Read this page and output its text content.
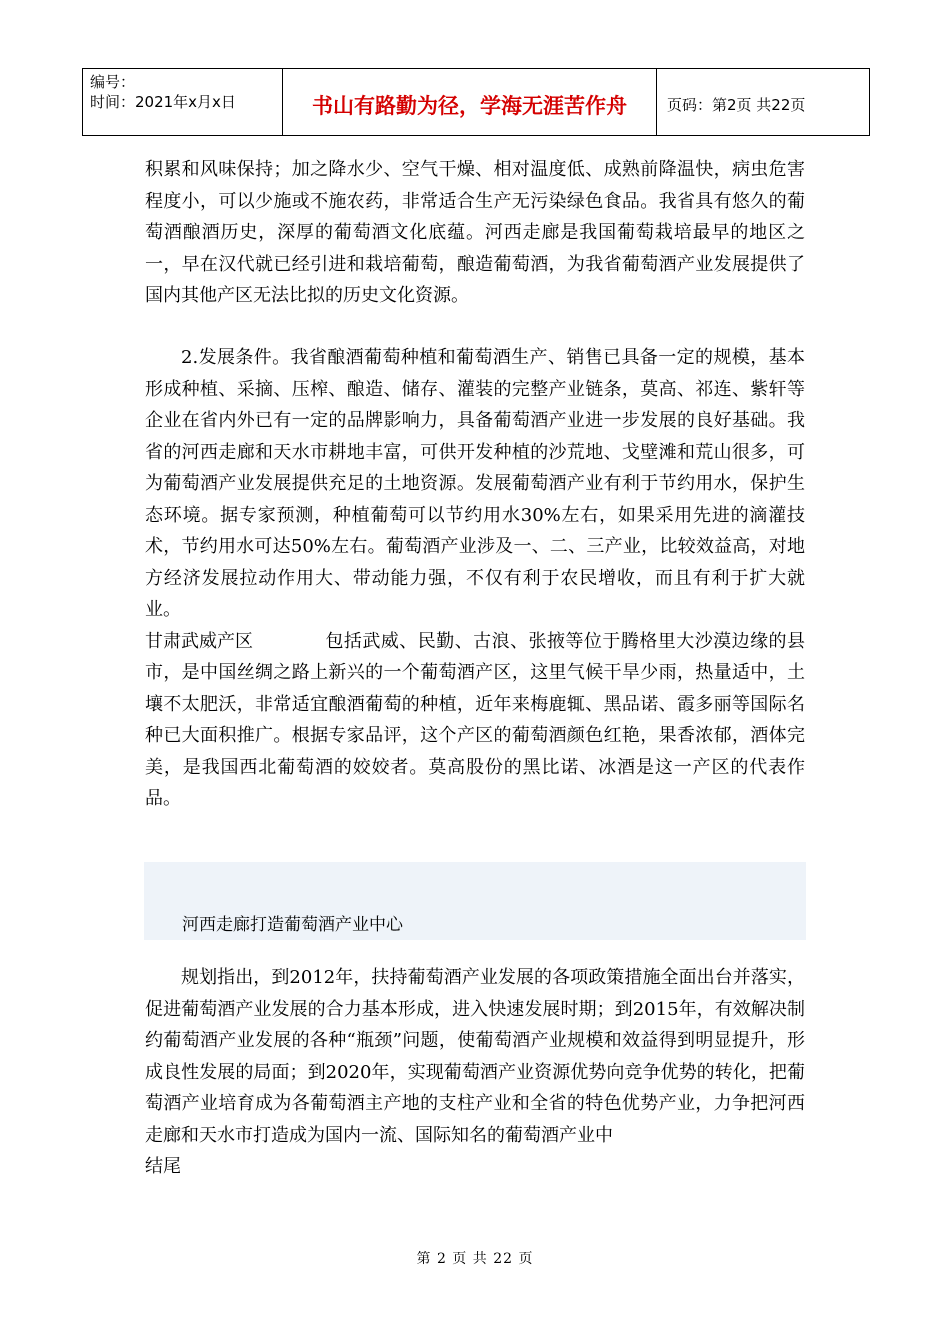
编号：
时间：2021年x月x日	书山有路勤为径，学海无涯苦作舟	页码：第2页 共22页

积累和风味保持；加之降水少、空气干燥、相对温度低、成熟前降温快，病虫危害程度小，可以少施或不施农药，非常适合生产无污染绿色食品。我省具有悠久的葡萄酒酿酒历史，深厚的葡萄酒文化底蕴。河西走廊是我国葡萄栽培最早的地区之一，早在汉代就已经引进和栽培葡萄，酿造葡萄酒，为我省葡萄酒产业发展提供了国内其他产区无法比拟的历史文化资源。

2.发展条件。我省酿酒葡萄种植和葡萄酒生产、销售已具备一定的规模，基本形成种植、采摘、压榨、酿造、储存、灌装的完整产业链条，莫高、祁连、紫轩等企业在省内外已有一定的品牌影响力，具备葡萄酒产业进一步发展的良好基础。我省的河西走廊和天水市耕地丰富，可供开发种植的沙荒地、戈壁滩和荒山很多，可为葡萄酒产业发展提供充足的土地资源。发展葡萄酒产业有利于节约用水，保护生态环境。据专家预测，种植葡萄可以节约用水30%左右，如果采用先进的滴灌技术，节约用水可达50%左右。葡萄酒产业涉及一、二、三产业，比较效益高，对地方经济发展拉动作用大、带动能力强，不仅有利于农民增收，而且有利于扩大就业。

甘肃武威产区	包括武威、民勤、古浪、张掖等位于腾格里大沙漠边缘的县市，是中国丝绸之路上新兴的一个葡萄酒产区，这里气候干旱少雨，热量适中，土壤不太肥沃，非常适宜酿酒葡萄的种植，近年来梅鹿辄、黑品诺、霞多丽等国际名种已大面积推广。根据专家品评，这个产区的葡萄酒颜色红艳，果香浓郁，酒体完美，是我国西北葡萄酒的姣姣者。莫高股份的黑比诺、冰酒是这一产区的代表作品。

河西走廊打造葡萄酒产业中心

规划指出，到2012年，扶持葡萄酒产业发展的各项政策措施全面出台并落实，促进葡萄酒产业发展的合力基本形成，进入快速发展时期；到2015年，有效解决制约葡萄酒产业发展的各种“瓶颈”问题，使葡萄酒产业规模和效益得到明显提升，形成良性发展的局面；到2020年，实现葡萄酒产业资源优势向竞争优势的转化，把葡萄酒产业培育成为各葡萄酒主产地的支柱产业和全省的特色优势产业，力争把河西走廊和天水市打造成为国内一流、国际知名的葡萄酒产业中

结尾

第 2 页 共 22 页
